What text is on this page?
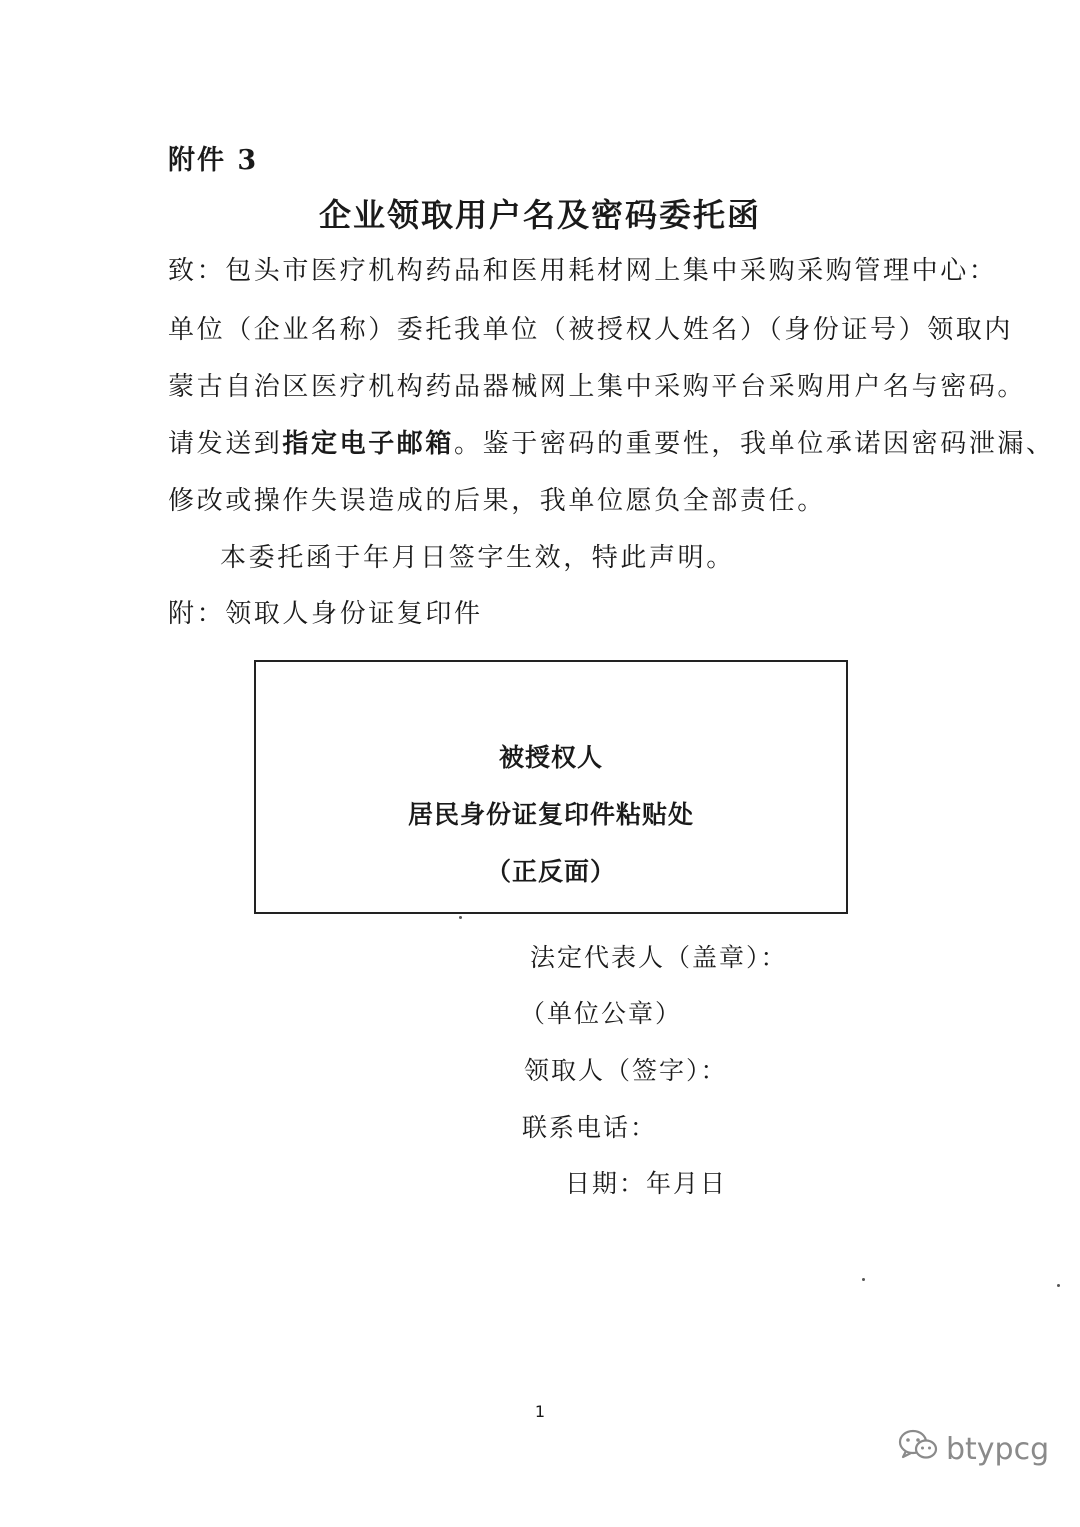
附件 3
企业领取用户名及密码委托函
致：包头市医疗机构药品和医用耗材网上集中采购采购管理中心：
单位（企业名称）委托我单位（被授权人姓名）（身份证号）领取内
蒙古自治区医疗机构药品器械网上集中采购平台采购用户名与密码。
请发送到指定电子邮箱。鉴于密码的重要性，我单位承诺因密码泄漏、
修改或操作失误造成的后果，我单位愿负全部责任。
本委托函于年月日签字生效，特此声明。
附：领取人身份证复印件
被授权人
居民身份证复印件粘贴处
（正反面）
法定代表人（盖章）：
（单位公章）
领取人（签字）：
联系电话：
日期：年月日
1
btypcg
